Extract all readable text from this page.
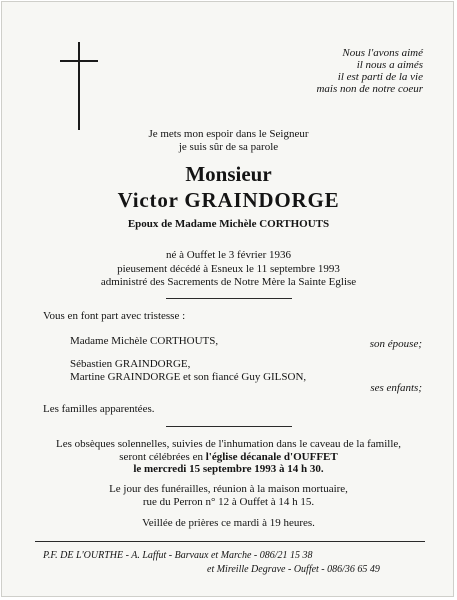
Nous l'avons aimé
il nous a aimés
il est parti de la vie
mais non de notre coeur
Je mets mon espoir dans le Seigneur
je suis sûr de sa parole
Monsieur
Victor GRAINDORGE
Epoux de Madame Michèle CORTHOUTS
né à Ouffet le 3 février 1936
pieusement décédé à Esneux le 11 septembre 1993
administré des Sacrements de Notre Mère la Sainte Eglise
Vous en font part avec tristesse :
Madame Michèle CORTHOUTS,	son épouse;
Sébastien GRAINDORGE,
Martine GRAINDORGE et son fiancé Guy GILSON,
ses enfants;
Les familles apparentées.
Les obsèques solennelles, suivies de l'inhumation dans le caveau de la famille,
seront célébrées en l'église décanale d'OUFFET
le mercredi 15 septembre 1993 à 14 h 30.
Le jour des funérailles, réunion à la maison mortuaire,
rue du Perron n° 12 à Ouffet à 14 h 15.
Veillée de prières ce mardi à 19 heures.
P.F. DE L'OURTHE - A. Laffut - Barvaux et Marche - 086/21 15 38
et Mireille Degrave - Ouffet - 086/36 65 49
